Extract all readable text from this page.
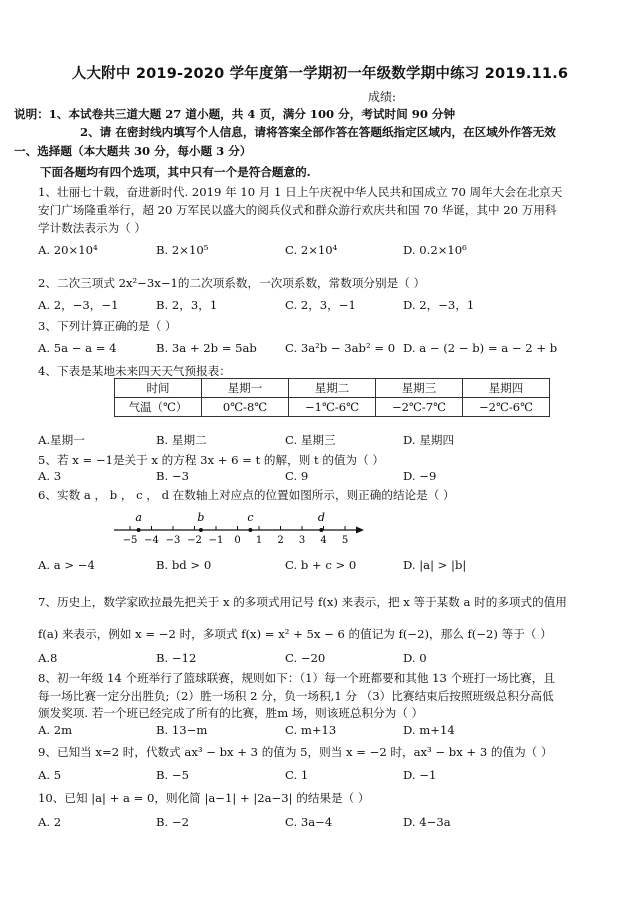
人大附中 2019-2020 学年度第一学期初一年级数学期中练习 2019.11.6
成绩:
说明：1、本试卷共三道大题 27 道小题，共 4 页，满分 100 分，考试时间 90 分钟
2、请 在密封线内填写个人信息，请将答案全部作答在答题纸指定区域内，在区域外作答无效
一、选择题（本大题共 30 分，每小题 3 分）
下面各题均有四个选项，其中只有一个是符合题意的.
1、壮丽七十载，奋进新时代. 2019 年 10 月 1 日上午庆祝中华人民共和国成立 70 周年大会在北京天
安门广场隆重举行，超 20 万军民以盛大的阅兵仪式和群众游行欢庆共和国 70 华诞，其中 20 万用科
学计数法表示为（ ）
A. 20×10⁴	B. 2×10⁵	C. 2×10⁴	D. 0.2×10⁶
2、二次三项式 2x²−3x−1的二次项系数，一次项系数，常数项分别是（ ）
A. 2，−3，−1	B. 2，3，1	C. 2，3，−1	D. 2，−3，1
3、下列计算正确的是（ ）
A. 5a − a = 4	B. 3a + 2b = 5ab C. 3a²b − 3ab² = 0 D. a − (2 − b) = a − 2 + b
4、下表是某地未来四天天气预报表：
时间	星期一	星期二	星期三	星期四
气温（℃）	0℃-8℃	−1℃-6℃	−2℃-7℃	−2℃-6℃
A.星期一	B. 星期二	C. 星期三	D. 星期四
5、若 x = −1是关于 x 的方程 3x + 6 = t 的解，则 t 的值为（ ）
A. 3	B. −3	C. 9	D. −9
6、实数 a ， b ， c ， d 在数轴上对应点的位置如图所示，则正确的结论是（ ）
−5 −4 −3 −2 −1 0 1 2 3 4 5
a	b	c	d
A. a > −4	B. bd > 0	C. b + c > 0	D. |a| > |b|
7、历史上，数学家欧拉最先把关于 x 的多项式用记号 f(x) 来表示，把 x 等于某数 a 时的多项式的值用
f(a) 来表示，例如 x = −2 时，多项式 f(x) = x² + 5x − 6 的值记为 f(−2)，那么 f(−2) 等于（ ）
A.8	B. −12	C. −20	D. 0
8、初一年级 14 个班举行了篮球联赛，规则如下：（1）每一个班都要和其他 13 个班打一场比赛，且
每一场比赛一定分出胜负;（2）胜一场积 2 分，负一场积,1 分 （3）比赛结束后按照班级总积分高低
颁发奖项. 若一个班已经完成了所有的比赛，胜m 场，则该班总积分为（ ）
A. 2m	B. 13−m	C. m+13	D. m+14
9、已知当 x=2 时，代数式 ax³ − bx + 3 的值为 5，则当 x = −2 时，ax³ − bx + 3 的值为（ ）
A. 5	B. −5	C. 1	D. −1
10、已知 |a| + a = 0，则化简 |a−1| + |2a−3| 的结果是（ ）
A. 2	B. −2	C. 3a−4	D. 4−3a
